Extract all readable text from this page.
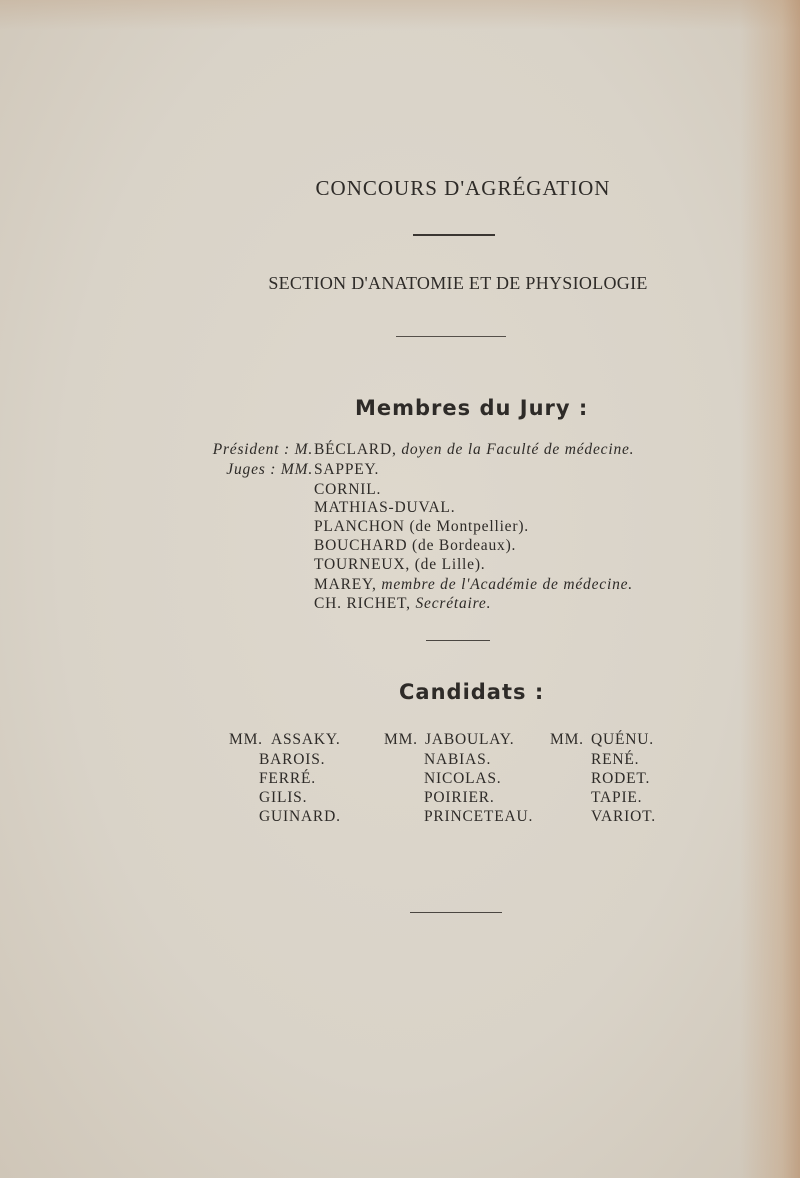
CONCOURS D'AGRÉGATION
SECTION D'ANATOMIE ET DE PHYSIOLOGIE
Membres du Jury :
Président : M.
Juges : MM.
BÉCLARD, doyen de la Faculté de médecine.
SAPPEY.
CORNIL.
MATHIAS-DUVAL.
PLANCHON (de Montpellier).
BOUCHARD (de Bordeaux).
TOURNEUX, (de Lille).
MAREY, membre de l'Académie de médecine.
CH. RICHET, Secrétaire.
Candidats :
MM.	MM.	MM.
ASSAKY.
BAROIS.
FERRÉ.
GILIS.
GUINARD.
JABOULAY.
NABIAS.
NICOLAS.
POIRIER.
PRINCETEAU.
QUÉNU.
RENÉ.
RODET.
TAPIE.
VARIOT.
